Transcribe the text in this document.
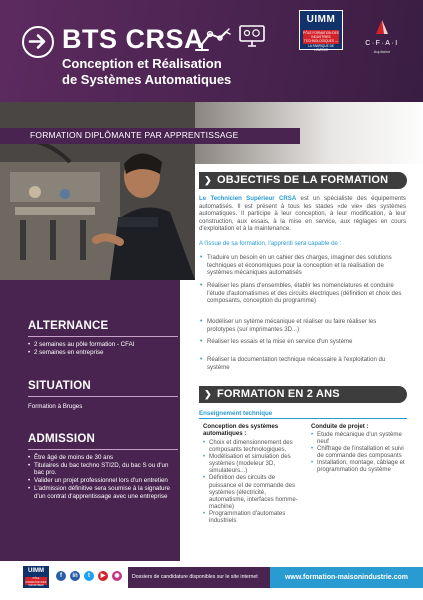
BTS CRSA
Conception et Réalisation
de Systèmes Automatiques
UIMM
PÔLE FORMATION DES INDUSTRIES TECHNOLOGIQUES — LA FABRIQUE DE L'AVENIR
C·F·A·I
Aquitaine
FORMATION DIPLÔMANTE PAR APPRENTISSAGE
ALTERNANCE
• 2 semaines au pôle formation - CFAI
• 2 semaines en entreprise
SITUATION
Formation à Bruges
ADMISSION
• Être âgé de moins de 30 ans
• Titulaires du bac techno STI2D, du bac S ou d'un bac pro.
• Valider un projet professionnel lors d'un entretien
• L'admission définitive sera soumise à la signature d'un contrat d'apprentissage avec une entreprise
❯ OBJECTIFS DE LA FORMATION
Le Technicien Supérieur CRSA est un spécialiste des équipements automatisés. Il est présent à tous les stades «de vie» des systèmes automatiques. Il participe à leur conception, à leur modification, à leur construction, aux essais, à la mise en service, aux réglages en cours d'exploitation et à la maintenance.
A l'issue de sa formation, l'apprenti sera capable de :
• Traduire un besoin en un cahier des charges, imaginer des solutions techniques et économiques pour la conception et la réalisation de systèmes mécaniques automatisés
• Réaliser les plans d'ensembles, établir les nomenclatures et conduire l'étude d'automatismes et des circuits électriques (définition et choix des composants, conception du programme)
• Modéliser un sytème mécanique et réaliser ou faire réaliser les prototypes (sur imprimantes 3D...)
• Réaliser les essais et la mise en service d'un système
• Réaliser la documentation technique nécessaire à l'exploitation du système
❯ FORMATION EN 2 ANS
Enseignement technique
Conception des systèmes automatiques :
• Choix et dimensionnement des composants technologiques,
• Modélisation et simulation des systèmes (modeleur 3D, simulateurs...)
• Définition des circuits de puissance et de commande des systèmes (électricité, automatisme, interfaces homme-machine)
• Programmation d'automates industriels
Conduite de projet :
• Etude mécanique d'un système neuf
• Chiffrage de l'installation et suivi de commande des composants
• Installation, montage, câblage et programmation du système
UIMM
PÔLE FORMATION DES INDUSTRIES TECHNOLOGIQUES — LA FABRIQUE DE L'AVENIR
f	in	t	▶	◉	Dossiers de candidature disponibles sur le site internet	www.formation-maisonindustrie.com
